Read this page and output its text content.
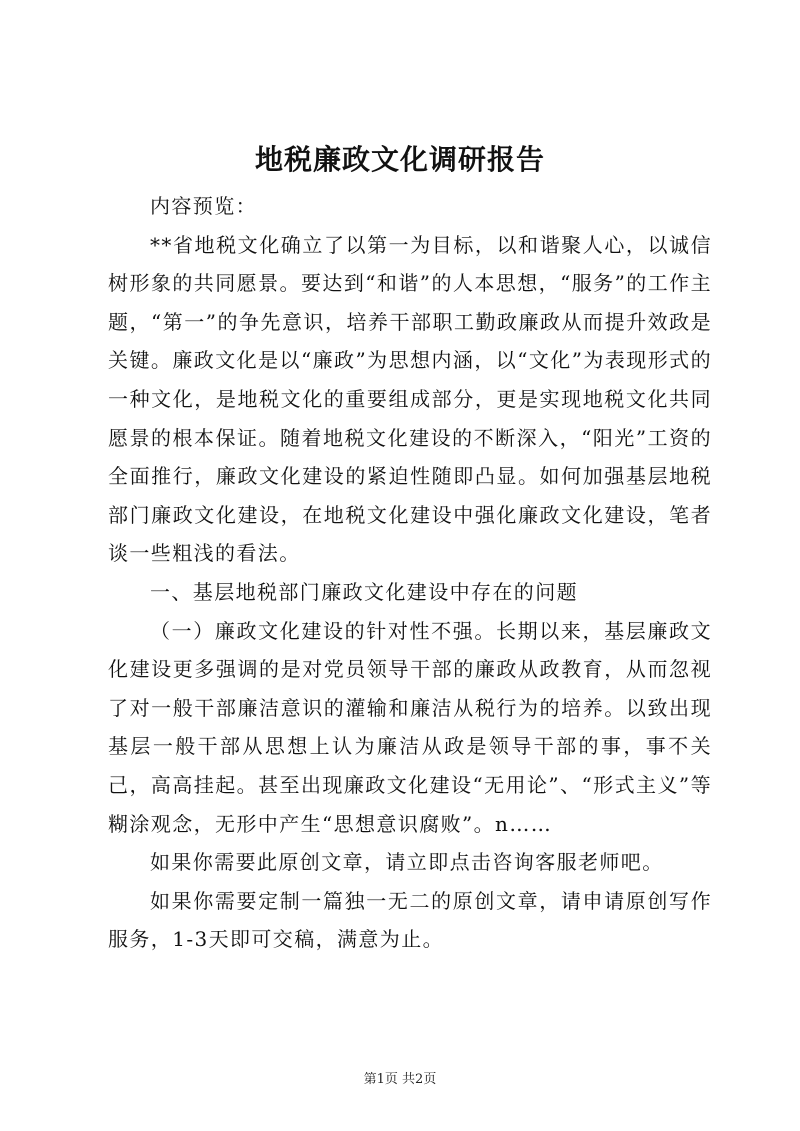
地税廉政文化调研报告

内容预览：

**省地税文化确立了以第一为目标，以和谐聚人心，以诚信树形象的共同愿景。要达到“和谐”的人本思想，“服务”的工作主题，“第一”的争先意识，培养干部职工勤政廉政从而提升效政是关键。廉政文化是以“廉政”为思想内涵，以“文化”为表现形式的一种文化，是地税文化的重要组成部分，更是实现地税文化共同愿景的根本保证。随着地税文化建设的不断深入，“阳光”工资的全面推行，廉政文化建设的紧迫性随即凸显。如何加强基层地税部门廉政文化建设，在地税文化建设中强化廉政文化建设，笔者谈一些粗浅的看法。

一、基层地税部门廉政文化建设中存在的问题

（一）廉政文化建设的针对性不强。长期以来，基层廉政文化建设更多强调的是对党员领导干部的廉政从政教育，从而忽视了对一般干部廉洁意识的灌输和廉洁从税行为的培养。以致出现基层一般干部从思想上认为廉洁从政是领导干部的事，事不关己，高高挂起。甚至出现廉政文化建设“无用论”、“形式主义”等糊涂观念，无形中产生“思想意识腐败”。n……

如果你需要此原创文章，请立即点击咨询客服老师吧。

如果你需要定制一篇独一无二的原创文章，请申请原创写作服务，1-3天即可交稿，满意为止。

第1页 共2页
